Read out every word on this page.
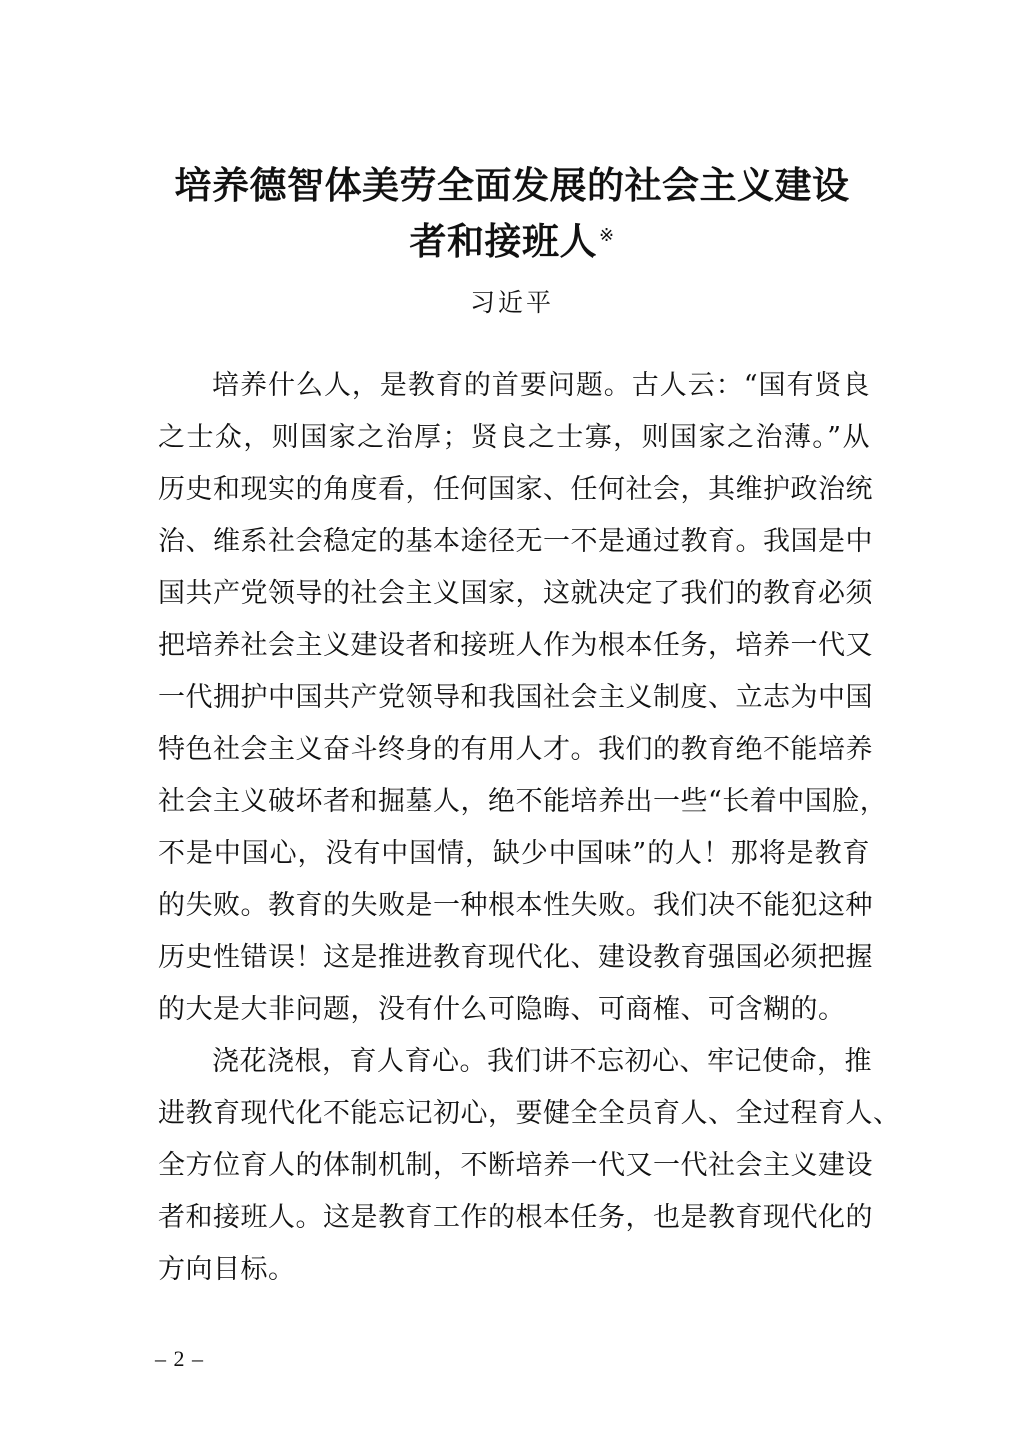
培养德智体美劳全面发展的社会主义建设
者和接班人 ※
习近平
培养什么人，是教育的首要问题。古人云：“国有贤良
之士众，则国家之治厚；贤良之士寡，则国家之治薄。”从
历史和现实的角度看，任何国家、任何社会，其维护政治统
治、维系社会稳定的基本途径无一不是通过教育。我国是中
国共产党领导的社会主义国家，这就决定了我们的教育必须
把培养社会主义建设者和接班人作为根本任务，培养一代又
一代拥护中国共产党领导和我国社会主义制度、立志为中国
特色社会主义奋斗终身的有用人才。我们的教育绝不能培养
社会主义破坏者和掘墓人，绝不能培养出一些“长着中国脸，
不是中国心，没有中国情，缺少中国味”的人！那将是教育
的失败。教育的失败是一种根本性失败。我们决不能犯这种
历史性错误！这是推进教育现代化、建设教育强国必须把握
的大是大非问题，没有什么可隐晦、可商榷、可含糊的。
浇花浇根，育人育心。我们讲不忘初心、牢记使命，推
进教育现代化不能忘记初心，要健全全员育人、全过程育人、
全方位育人的体制机制，不断培养一代又一代社会主义建设
者和接班人。这是教育工作的根本任务，也是教育现代化的
方向目标。
– 2 –
